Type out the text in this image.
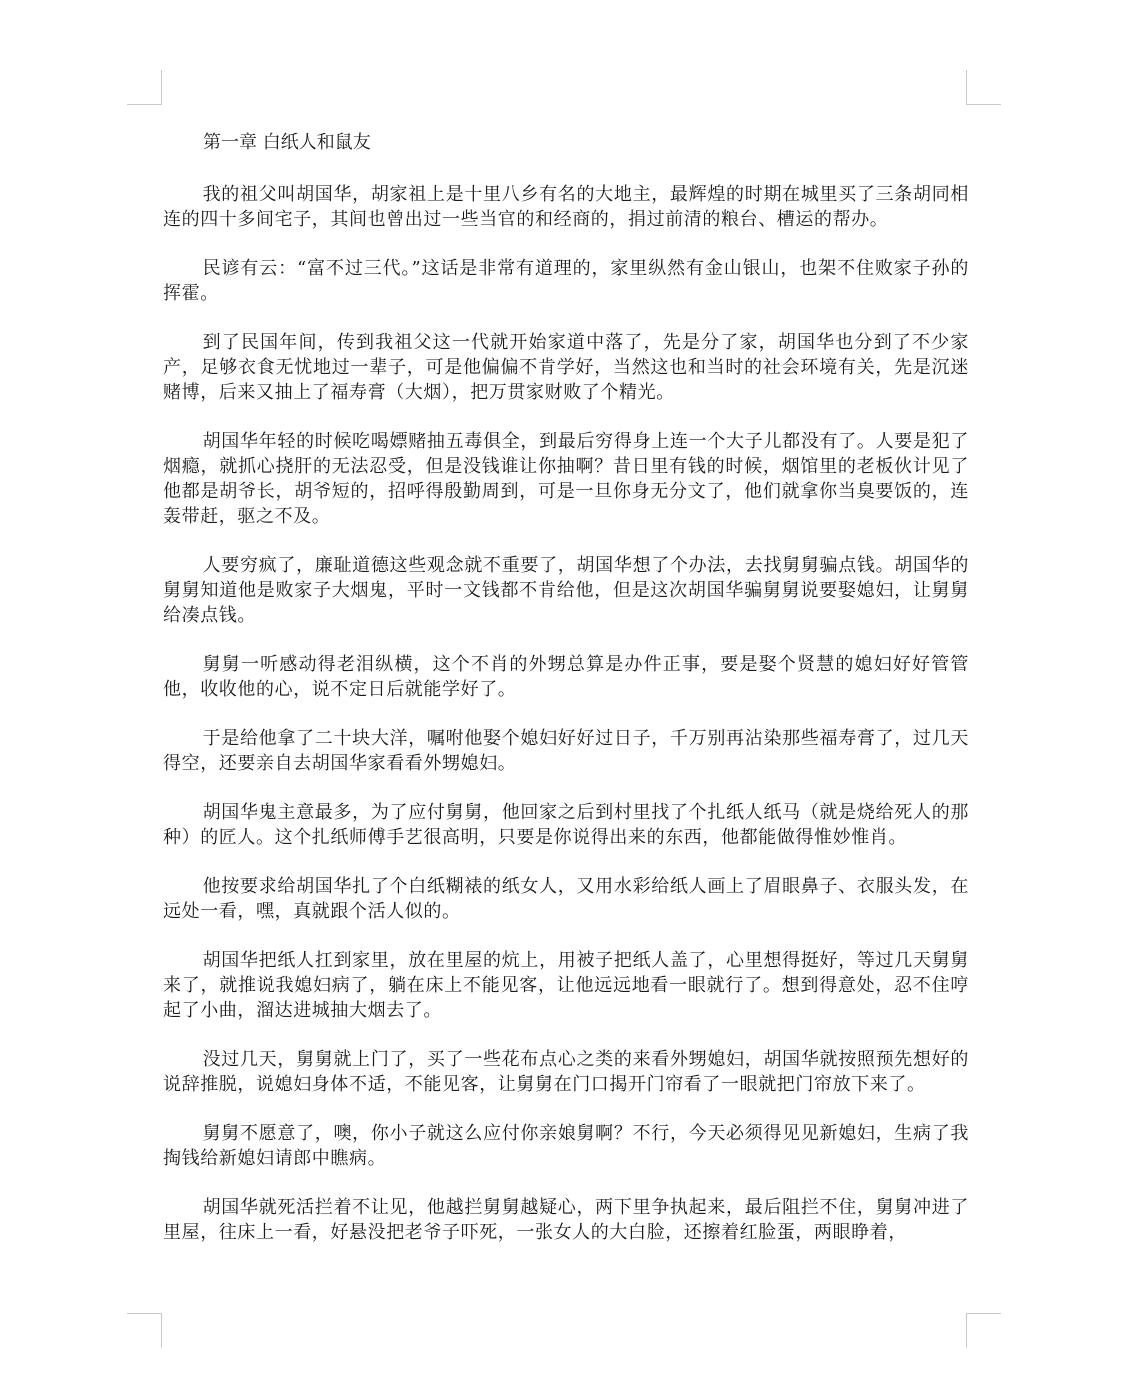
第一章 白纸人和鼠友

我的祖父叫胡国华，胡家祖上是十里八乡有名的大地主，最辉煌的时期在城里买了三条胡同相连的四十多间宅子，其间也曾出过一些当官的和经商的，捐过前清的粮台、槽运的帮办。

民谚有云：“富不过三代。”这话是非常有道理的，家里纵然有金山银山，也架不住败家子孙的挥霍。

到了民国年间，传到我祖父这一代就开始家道中落了，先是分了家，胡国华也分到了不少家产，足够衣食无忧地过一辈子，可是他偏偏不肯学好，当然这也和当时的社会环境有关，先是沉迷赌博，后来又抽上了福寿膏（大烟），把万贯家财败了个精光。

胡国华年轻的时候吃喝嫖赌抽五毒俱全，到最后穷得身上连一个大子儿都没有了。人要是犯了烟瘾，就抓心挠肝的无法忍受，但是没钱谁让你抽啊？昔日里有钱的时候，烟馆里的老板伙计见了他都是胡爷长，胡爷短的，招呼得殷勤周到，可是一旦你身无分文了，他们就拿你当臭要饭的，连轰带赶，驱之不及。

人要穷疯了，廉耻道德这些观念就不重要了，胡国华想了个办法，去找舅舅骗点钱。胡国华的舅舅知道他是败家子大烟鬼，平时一文钱都不肯给他，但是这次胡国华骗舅舅说要娶媳妇，让舅舅给凑点钱。

舅舅一听感动得老泪纵横，这个不肖的外甥总算是办件正事，要是娶个贤慧的媳妇好好管管他，收收他的心，说不定日后就能学好了。

于是给他拿了二十块大洋，嘱咐他娶个媳妇好好过日子，千万别再沾染那些福寿膏了，过几天得空，还要亲自去胡国华家看看外甥媳妇。

胡国华鬼主意最多，为了应付舅舅，他回家之后到村里找了个扎纸人纸马（就是烧给死人的那种）的匠人。这个扎纸师傅手艺很高明，只要是你说得出来的东西，他都能做得惟妙惟肖。

他按要求给胡国华扎了个白纸糊裱的纸女人，又用水彩给纸人画上了眉眼鼻子、衣服头发，在远处一看，嘿，真就跟个活人似的。

胡国华把纸人扛到家里，放在里屋的炕上，用被子把纸人盖了，心里想得挺好，等过几天舅舅来了，就推说我媳妇病了，躺在床上不能见客，让他远远地看一眼就行了。想到得意处，忍不住哼起了小曲，溜达进城抽大烟去了。

没过几天，舅舅就上门了，买了一些花布点心之类的来看外甥媳妇，胡国华就按照预先想好的说辞推脱，说媳妇身体不适，不能见客，让舅舅在门口揭开门帘看了一眼就把门帘放下来了。

舅舅不愿意了，噢，你小子就这么应付你亲娘舅啊？不行，今天必须得见见新媳妇，生病了我掏钱给新媳妇请郎中瞧病。

胡国华就死活拦着不让见，他越拦舅舅越疑心，两下里争执起来，最后阻拦不住，舅舅冲进了里屋，往床上一看，好悬没把老爷子吓死，一张女人的大白脸，还擦着红脸蛋，两眼睁着，
